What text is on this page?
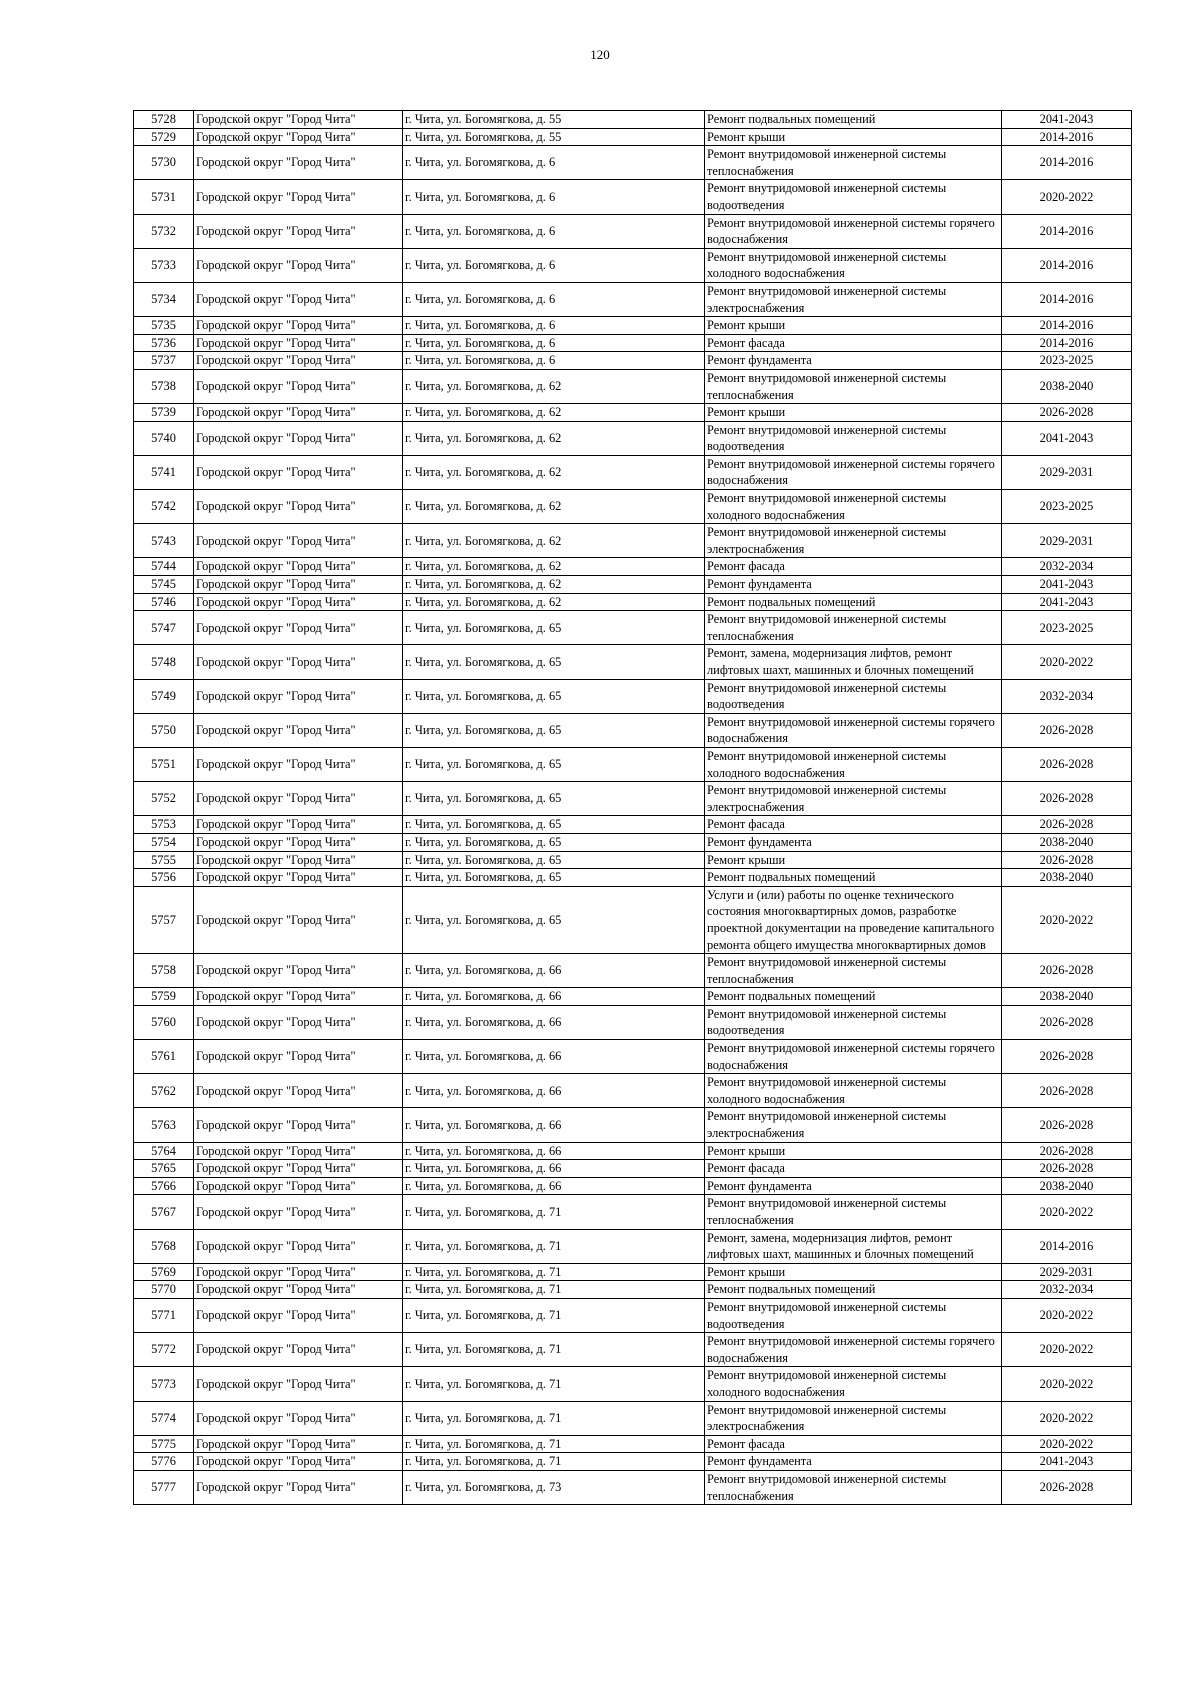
120
5728	Городской округ "Город Чита"	г. Чита, ул. Богомягкова, д. 55	Ремонт подвальных помещений	2041-2043
5729	Городской округ "Город Чита"	г. Чита, ул. Богомягкова, д. 55	Ремонт крыши	2014-2016
5730	Городской округ "Город Чита"	г. Чита, ул. Богомягкова, д. 6	Ремонт внутридомовой инженерной системы теплоснабжения	2014-2016
5731	Городской округ "Город Чита"	г. Чита, ул. Богомягкова, д. 6	Ремонт внутридомовой инженерной системы водоотведения	2020-2022
5732	Городской округ "Город Чита"	г. Чита, ул. Богомягкова, д. 6	Ремонт внутридомовой инженерной системы горячего водоснабжения	2014-2016
5733	Городской округ "Город Чита"	г. Чита, ул. Богомягкова, д. 6	Ремонт внутридомовой инженерной системы холодного водоснабжения	2014-2016
5734	Городской округ "Город Чита"	г. Чита, ул. Богомягкова, д. 6	Ремонт внутридомовой инженерной системы электроснабжения	2014-2016
5735	Городской округ "Город Чита"	г. Чита, ул. Богомягкова, д. 6	Ремонт крыши	2014-2016
5736	Городской округ "Город Чита"	г. Чита, ул. Богомягкова, д. 6	Ремонт фасада	2014-2016
5737	Городской округ "Город Чита"	г. Чита, ул. Богомягкова, д. 6	Ремонт фундамента	2023-2025
5738	Городской округ "Город Чита"	г. Чита, ул. Богомягкова, д. 62	Ремонт внутридомовой инженерной системы теплоснабжения	2038-2040
5739	Городской округ "Город Чита"	г. Чита, ул. Богомягкова, д. 62	Ремонт крыши	2026-2028
5740	Городской округ "Город Чита"	г. Чита, ул. Богомягкова, д. 62	Ремонт внутридомовой инженерной системы водоотведения	2041-2043
5741	Городской округ "Город Чита"	г. Чита, ул. Богомягкова, д. 62	Ремонт внутридомовой инженерной системы горячего водоснабжения	2029-2031
5742	Городской округ "Город Чита"	г. Чита, ул. Богомягкова, д. 62	Ремонт внутридомовой инженерной системы холодного водоснабжения	2023-2025
5743	Городской округ "Город Чита"	г. Чита, ул. Богомягкова, д. 62	Ремонт внутридомовой инженерной системы электроснабжения	2029-2031
5744	Городской округ "Город Чита"	г. Чита, ул. Богомягкова, д. 62	Ремонт фасада	2032-2034
5745	Городской округ "Город Чита"	г. Чита, ул. Богомягкова, д. 62	Ремонт фундамента	2041-2043
5746	Городской округ "Город Чита"	г. Чита, ул. Богомягкова, д. 62	Ремонт подвальных помещений	2041-2043
5747	Городской округ "Город Чита"	г. Чита, ул. Богомягкова, д. 65	Ремонт внутридомовой инженерной системы теплоснабжения	2023-2025
5748	Городской округ "Город Чита"	г. Чита, ул. Богомягкова, д. 65	Ремонт, замена, модернизация лифтов, ремонт лифтовых шахт, машинных и блочных помещений	2020-2022
5749	Городской округ "Город Чита"	г. Чита, ул. Богомягкова, д. 65	Ремонт внутридомовой инженерной системы водоотведения	2032-2034
5750	Городской округ "Город Чита"	г. Чита, ул. Богомягкова, д. 65	Ремонт внутридомовой инженерной системы горячего водоснабжения	2026-2028
5751	Городской округ "Город Чита"	г. Чита, ул. Богомягкова, д. 65	Ремонт внутридомовой инженерной системы холодного водоснабжения	2026-2028
5752	Городской округ "Город Чита"	г. Чита, ул. Богомягкова, д. 65	Ремонт внутридомовой инженерной системы электроснабжения	2026-2028
5753	Городской округ "Город Чита"	г. Чита, ул. Богомягкова, д. 65	Ремонт фасада	2026-2028
5754	Городской округ "Город Чита"	г. Чита, ул. Богомягкова, д. 65	Ремонт фундамента	2038-2040
5755	Городской округ "Город Чита"	г. Чита, ул. Богомягкова, д. 65	Ремонт крыши	2026-2028
5756	Городской округ "Город Чита"	г. Чита, ул. Богомягкова, д. 65	Ремонт подвальных помещений	2038-2040
5757	Городской округ "Город Чита"	г. Чита, ул. Богомягкова, д. 65	Услуги и (или) работы по оценке технического состояния многоквартирных домов, разработке проектной документации на проведение капитального ремонта общего имущества многоквартирных домов	2020-2022
5758	Городской округ "Город Чита"	г. Чита, ул. Богомягкова, д. 66	Ремонт внутридомовой инженерной системы теплоснабжения	2026-2028
5759	Городской округ "Город Чита"	г. Чита, ул. Богомягкова, д. 66	Ремонт подвальных помещений	2038-2040
5760	Городской округ "Город Чита"	г. Чита, ул. Богомягкова, д. 66	Ремонт внутридомовой инженерной системы водоотведения	2026-2028
5761	Городской округ "Город Чита"	г. Чита, ул. Богомягкова, д. 66	Ремонт внутридомовой инженерной системы горячего водоснабжения	2026-2028
5762	Городской округ "Город Чита"	г. Чита, ул. Богомягкова, д. 66	Ремонт внутридомовой инженерной системы холодного водоснабжения	2026-2028
5763	Городской округ "Город Чита"	г. Чита, ул. Богомягкова, д. 66	Ремонт внутридомовой инженерной системы электроснабжения	2026-2028
5764	Городской округ "Город Чита"	г. Чита, ул. Богомягкова, д. 66	Ремонт крыши	2026-2028
5765	Городской округ "Город Чита"	г. Чита, ул. Богомягкова, д. 66	Ремонт фасада	2026-2028
5766	Городской округ "Город Чита"	г. Чита, ул. Богомягкова, д. 66	Ремонт фундамента	2038-2040
5767	Городской округ "Город Чита"	г. Чита, ул. Богомягкова, д. 71	Ремонт внутридомовой инженерной системы теплоснабжения	2020-2022
5768	Городской округ "Город Чита"	г. Чита, ул. Богомягкова, д. 71	Ремонт, замена, модернизация лифтов, ремонт лифтовых шахт, машинных и блочных помещений	2014-2016
5769	Городской округ "Город Чита"	г. Чита, ул. Богомягкова, д. 71	Ремонт крыши	2029-2031
5770	Городской округ "Город Чита"	г. Чита, ул. Богомягкова, д. 71	Ремонт подвальных помещений	2032-2034
5771	Городской округ "Город Чита"	г. Чита, ул. Богомягкова, д. 71	Ремонт внутридомовой инженерной системы водоотведения	2020-2022
5772	Городской округ "Город Чита"	г. Чита, ул. Богомягкова, д. 71	Ремонт внутридомовой инженерной системы горячего водоснабжения	2020-2022
5773	Городской округ "Город Чита"	г. Чита, ул. Богомягкова, д. 71	Ремонт внутридомовой инженерной системы холодного водоснабжения	2020-2022
5774	Городской округ "Город Чита"	г. Чита, ул. Богомягкова, д. 71	Ремонт внутридомовой инженерной системы электроснабжения	2020-2022
5775	Городской округ "Город Чита"	г. Чита, ул. Богомягкова, д. 71	Ремонт фасада	2020-2022
5776	Городской округ "Город Чита"	г. Чита, ул. Богомягкова, д. 71	Ремонт фундамента	2041-2043
5777	Городской округ "Город Чита"	г. Чита, ул. Богомягкова, д. 73	Ремонт внутридомовой инженерной системы теплоснабжения	2026-2028
